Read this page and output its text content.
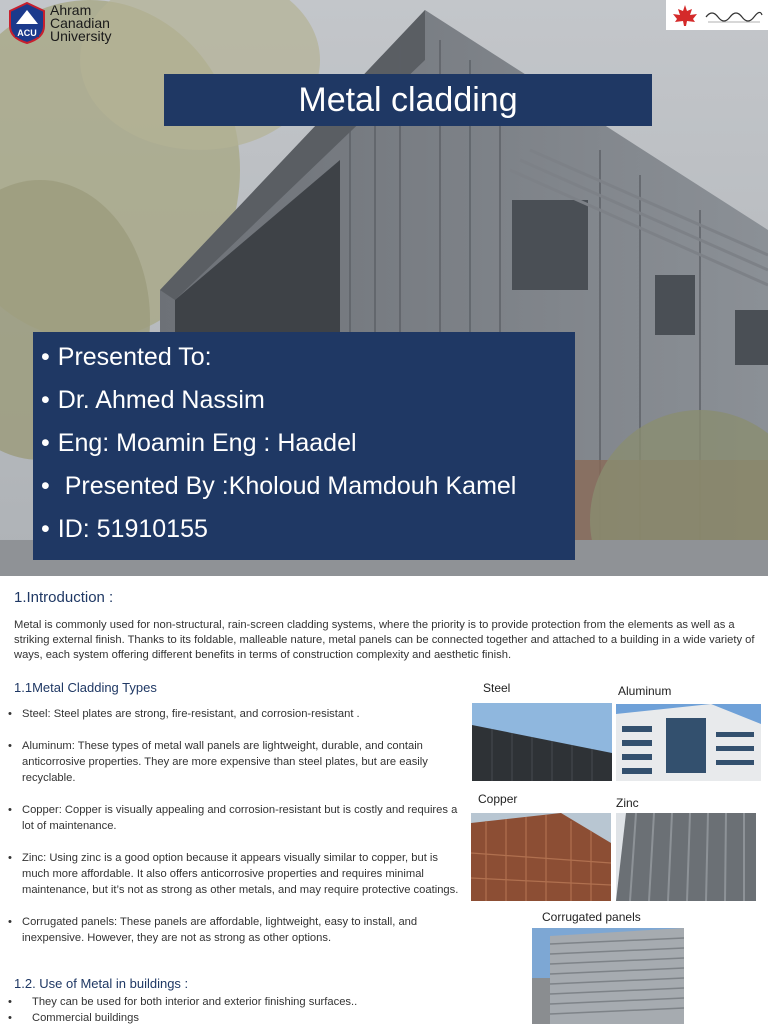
ACU
Ahram
Canadian
University
Metal cladding
• Presented To:
• Dr. Ahmed Nassim
• Eng: Moamin Eng : Haadel
• Presented By :Kholoud Mamdouh Kamel
• ID: 51910155
1.Introduction :

Metal is commonly used for non-structural, rain-screen cladding systems, where the priority is to provide protection from the elements as well as a striking external finish. Thanks to its foldable, malleable nature, metal panels can be connected together and attached to a building in a wide variety of ways, each system offering different benefits in terms of construction complexity and aesthetic finish.

1.1Metal Cladding Types
• Steel: Steel plates are strong, fire-resistant, and corrosion-resistant .
• Aluminum: These types of metal wall panels are lightweight, durable, and contain anticorrosive properties. They are more expensive than steel plates, but are easily recyclable.
• Copper: Copper is visually appealing and corrosion-resistant but is costly and requires a lot of maintenance.
• Zinc: Using zinc is a good option because it appears visually similar to copper, but is much more affordable. It also offers anticorrosive properties and requires minimal maintenance, but it’s not as strong as other metals, and may require protective coatings.
• Corrugated panels: These panels are affordable, lightweight, easy to install, and inexpensive. However, they are not as strong as other options.
1.2. Use of Metal in buildings :
• They can be used for both interior and exterior finishing surfaces..
• Commercial buildings
Steel	Aluminum
Copper	Zinc
Corrugated panels
